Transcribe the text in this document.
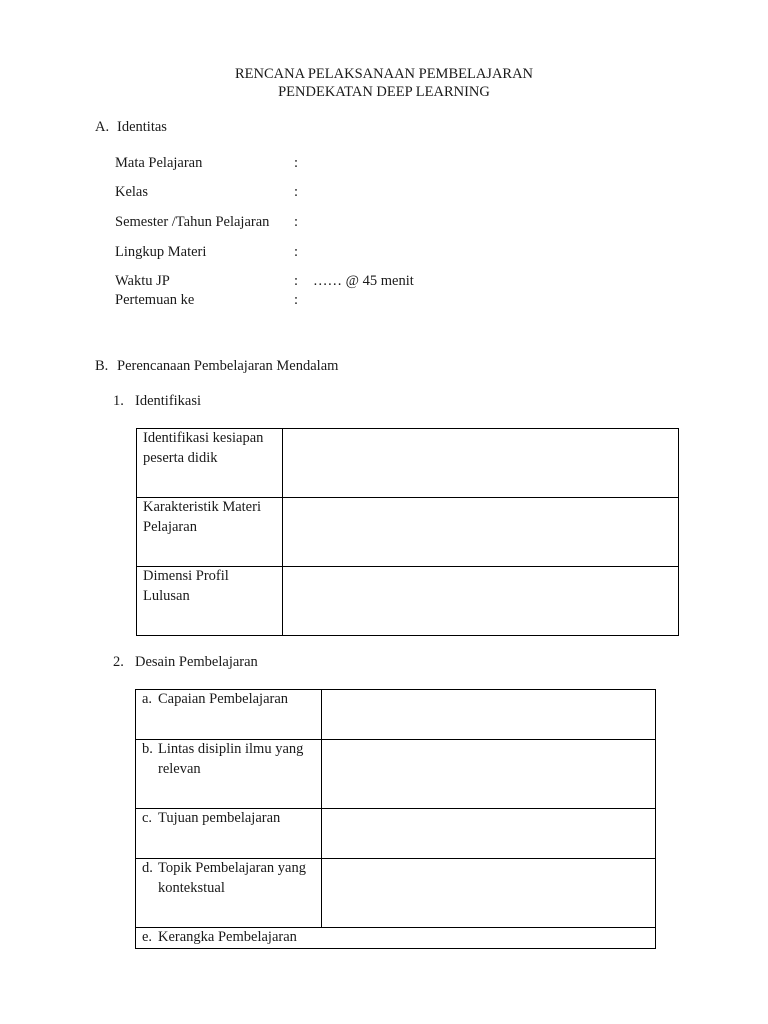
RENCANA PELAKSANAAN PEMBELAJARAN
PENDEKATAN DEEP LEARNING
A. Identitas
Mata Pelajaran	:
Kelas	:
Semester /Tahun Pelajaran :
Lingkup Materi	:
Waktu JP	: …… @ 45 menit
Pertemuan ke	:
B. Perencanaan Pembelajaran Mendalam
1. Identifikasi
Identifikasi kesiapan peserta didik	

Karakteristik Materi Pelajaran	

Dimensi Profil Lulusan	

2. Desain Pembelajaran
a. Capaian Pembelajaran	

b. Lintas disiplin ilmu yang relevan	

c. Tujuan pembelajaran	

d. Topik Pembelajaran yang kontekstual	

e. Kerangka Pembelajaran	
